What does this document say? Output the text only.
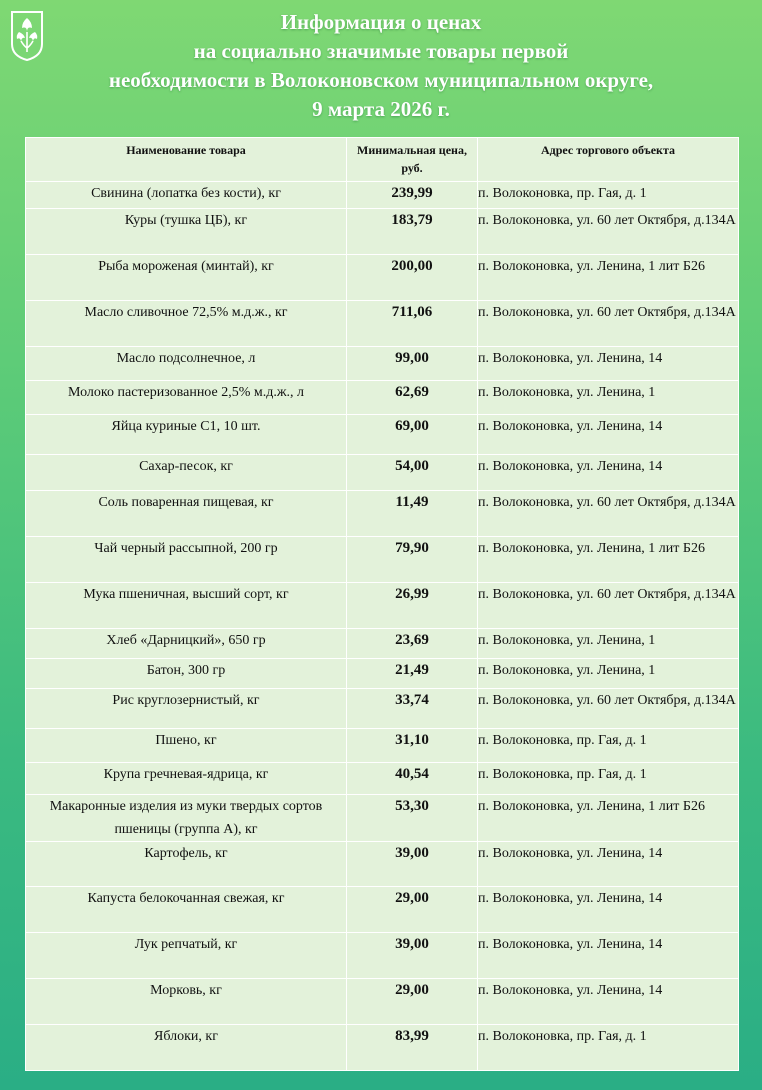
Информация о ценах
на социально значимые товары первой
необходимости в Волоконовском муниципальном округе,
9 марта 2026 г.
Наименование товара	Минимальная цена, руб.	Адрес торгового объекта
Свинина (лопатка без кости), кг	239,99	п. Волоконовка, пр. Гая, д. 1
Куры (тушка ЦБ), кг	183,79	п. Волоконовка, ул. 60 лет Октября, д.134А
Рыба мороженая (минтай), кг	200,00	п. Волоконовка, ул. Ленина, 1 лит Б26
Масло сливочное 72,5% м.д.ж., кг	711,06	п. Волоконовка, ул. 60 лет Октября, д.134А
Масло подсолнечное, л	99,00	п. Волоконовка, ул. Ленина, 14
Молоко пастеризованное 2,5% м.д.ж., л	62,69	п. Волоконовка, ул. Ленина, 1
Яйца куриные С1, 10 шт.	69,00	п. Волоконовка, ул. Ленина, 14
Сахар-песок, кг	54,00	п. Волоконовка, ул. Ленина, 14
Соль поваренная пищевая, кг	11,49	п. Волоконовка, ул. 60 лет Октября, д.134А
Чай черный рассыпной, 200 гр	79,90	п. Волоконовка, ул. Ленина, 1 лит Б26
Мука пшеничная, высший сорт, кг	26,99	п. Волоконовка, ул. 60 лет Октября, д.134А
Хлеб «Дарницкий», 650 гр	23,69	п. Волоконовка, ул. Ленина, 1
Батон, 300 гр	21,49	п. Волоконовка, ул. Ленина, 1
Рис круглозернистый, кг	33,74	п. Волоконовка, ул. 60 лет Октября, д.134А
Пшено, кг	31,10	п. Волоконовка, пр. Гая, д. 1
Крупа гречневая-ядрица, кг	40,54	п. Волоконовка, пр. Гая, д. 1
Макаронные изделия из муки твердых сортов пшеницы (группа А), кг	53,30	п. Волоконовка, ул. Ленина, 1 лит Б26
Картофель, кг	39,00	п. Волоконовка, ул. Ленина, 14
Капуста белокочанная свежая, кг	29,00	п. Волоконовка, ул. Ленина, 14
Лук репчатый, кг	39,00	п. Волоконовка, ул. Ленина, 14
Морковь, кг	29,00	п. Волоконовка, ул. Ленина, 14
Яблоки, кг	83,99	п. Волоконовка, пр. Гая, д. 1
